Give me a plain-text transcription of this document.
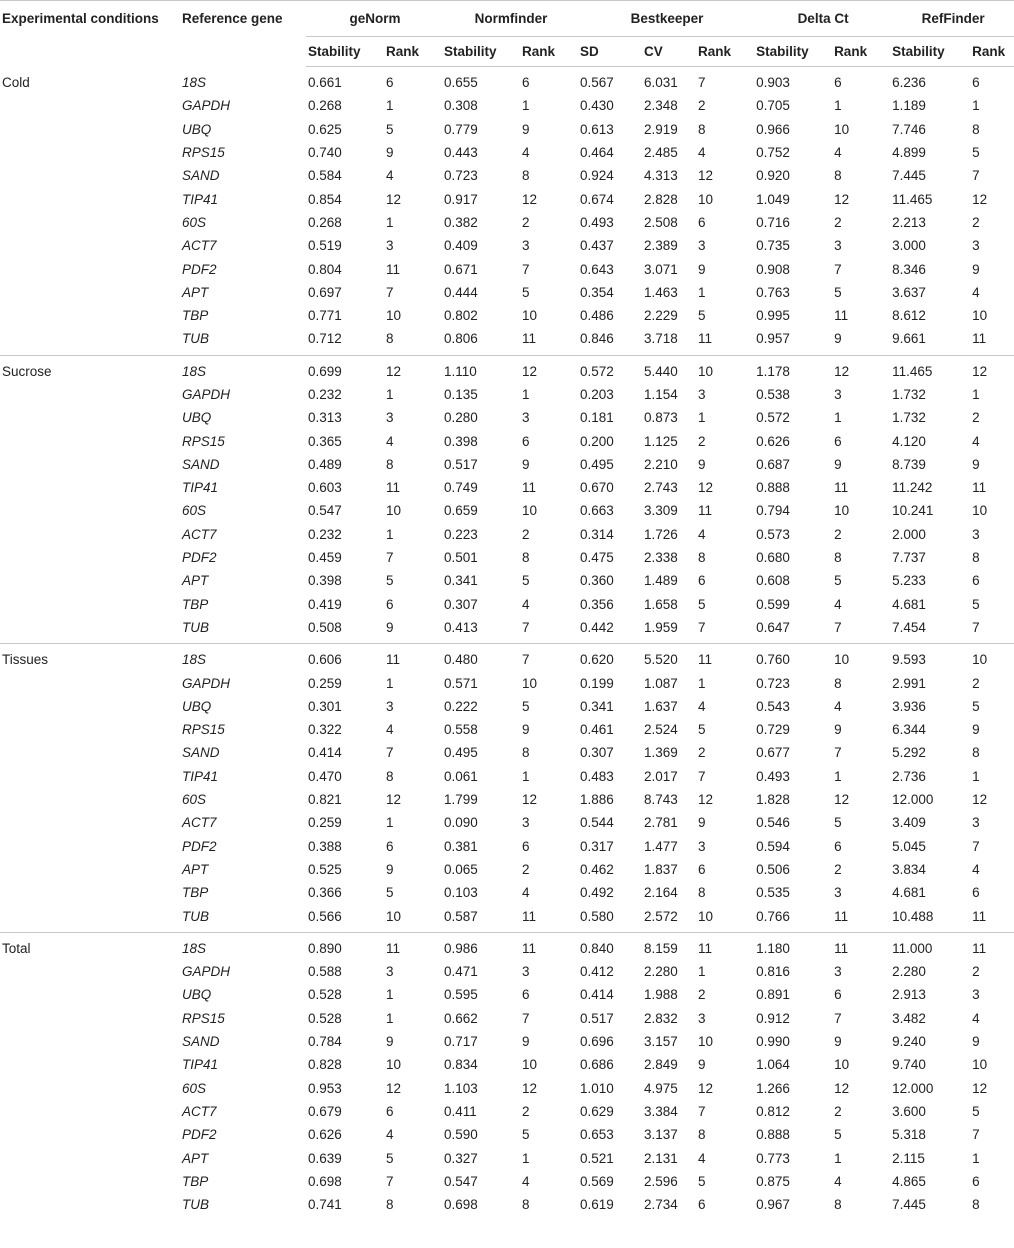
Experimental conditions	Reference gene	geNorm		Normfinder		Bestkeeper			Delta Ct		RefFinder	
		Stability	Rank	Stability	Rank	SD	CV	Rank	Stability	Rank	Stability	Rank
Cold	18S	0.661	6	0.655	6	0.567	6.031	7	0.903	6	6.236	6
	GAPDH	0.268	1	0.308	1	0.430	2.348	2	0.705	1	1.189	1
	UBQ	0.625	5	0.779	9	0.613	2.919	8	0.966	10	7.746	8
	RPS15	0.740	9	0.443	4	0.464	2.485	4	0.752	4	4.899	5
	SAND	0.584	4	0.723	8	0.924	4.313	12	0.920	8	7.445	7
	TIP41	0.854	12	0.917	12	0.674	2.828	10	1.049	12	11.465	12
	60S	0.268	1	0.382	2	0.493	2.508	6	0.716	2	2.213	2
	ACT7	0.519	3	0.409	3	0.437	2.389	3	0.735	3	3.000	3
	PDF2	0.804	11	0.671	7	0.643	3.071	9	0.908	7	8.346	9
	APT	0.697	7	0.444	5	0.354	1.463	1	0.763	5	3.637	4
	TBP	0.771	10	0.802	10	0.486	2.229	5	0.995	11	8.612	10
	TUB	0.712	8	0.806	11	0.846	3.718	11	0.957	9	9.661	11
Sucrose	18S	0.699	12	1.110	12	0.572	5.440	10	1.178	12	11.465	12
	GAPDH	0.232	1	0.135	1	0.203	1.154	3	0.538	3	1.732	1
	UBQ	0.313	3	0.280	3	0.181	0.873	1	0.572	1	1.732	2
	RPS15	0.365	4	0.398	6	0.200	1.125	2	0.626	6	4.120	4
	SAND	0.489	8	0.517	9	0.495	2.210	9	0.687	9	8.739	9
	TIP41	0.603	11	0.749	11	0.670	2.743	12	0.888	11	11.242	11
	60S	0.547	10	0.659	10	0.663	3.309	11	0.794	10	10.241	10
	ACT7	0.232	1	0.223	2	0.314	1.726	4	0.573	2	2.000	3
	PDF2	0.459	7	0.501	8	0.475	2.338	8	0.680	8	7.737	8
	APT	0.398	5	0.341	5	0.360	1.489	6	0.608	5	5.233	6
	TBP	0.419	6	0.307	4	0.356	1.658	5	0.599	4	4.681	5
	TUB	0.508	9	0.413	7	0.442	1.959	7	0.647	7	7.454	7
Tissues	18S	0.606	11	0.480	7	0.620	5.520	11	0.760	10	9.593	10
	GAPDH	0.259	1	0.571	10	0.199	1.087	1	0.723	8	2.991	2
	UBQ	0.301	3	0.222	5	0.341	1.637	4	0.543	4	3.936	5
	RPS15	0.322	4	0.558	9	0.461	2.524	5	0.729	9	6.344	9
	SAND	0.414	7	0.495	8	0.307	1.369	2	0.677	7	5.292	8
	TIP41	0.470	8	0.061	1	0.483	2.017	7	0.493	1	2.736	1
	60S	0.821	12	1.799	12	1.886	8.743	12	1.828	12	12.000	12
	ACT7	0.259	1	0.090	3	0.544	2.781	9	0.546	5	3.409	3
	PDF2	0.388	6	0.381	6	0.317	1.477	3	0.594	6	5.045	7
	APT	0.525	9	0.065	2	0.462	1.837	6	0.506	2	3.834	4
	TBP	0.366	5	0.103	4	0.492	2.164	8	0.535	3	4.681	6
	TUB	0.566	10	0.587	11	0.580	2.572	10	0.766	11	10.488	11
Total	18S	0.890	11	0.986	11	0.840	8.159	11	1.180	11	11.000	11
	GAPDH	0.588	3	0.471	3	0.412	2.280	1	0.816	3	2.280	2
	UBQ	0.528	1	0.595	6	0.414	1.988	2	0.891	6	2.913	3
	RPS15	0.528	1	0.662	7	0.517	2.832	3	0.912	7	3.482	4
	SAND	0.784	9	0.717	9	0.696	3.157	10	0.990	9	9.240	9
	TIP41	0.828	10	0.834	10	0.686	2.849	9	1.064	10	9.740	10
	60S	0.953	12	1.103	12	1.010	4.975	12	1.266	12	12.000	12
	ACT7	0.679	6	0.411	2	0.629	3.384	7	0.812	2	3.600	5
	PDF2	0.626	4	0.590	5	0.653	3.137	8	0.888	5	5.318	7
	APT	0.639	5	0.327	1	0.521	2.131	4	0.773	1	2.115	1
	TBP	0.698	7	0.547	4	0.569	2.596	5	0.875	4	4.865	6
	TUB	0.741	8	0.698	8	0.619	2.734	6	0.967	8	7.445	8
